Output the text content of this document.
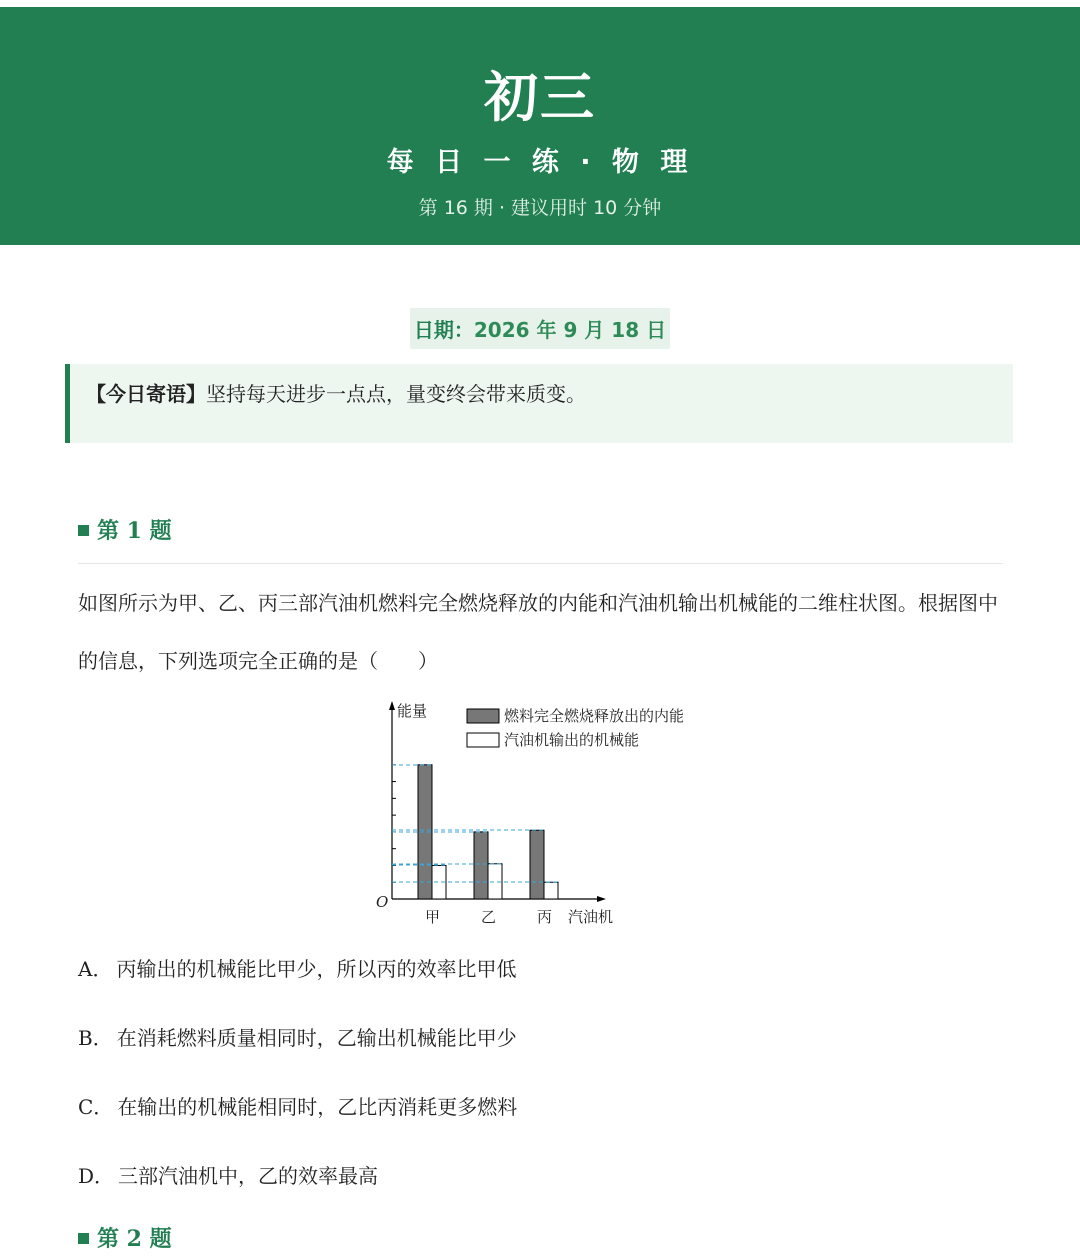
初三
每 日 一 练 · 物 理
第 16 期 · 建议用时 10 分钟
日期：2026 年 9 月 18 日
【今日寄语】坚持每天进步一点点，量变终会带来质变。
第 1 题
如图所示为甲、乙、丙三部汽油机燃料完全燃烧释放的内能和汽油机输出机械能的二维柱状图。根据图中的信息，下列选项完全正确的是（　　）
能量
O
汽油机
甲	乙	丙
燃料完全燃烧释放出的内能
汽油机输出的机械能
A． 丙输出的机械能比甲少，所以丙的效率比甲低
B． 在消耗燃料质量相同时，乙输出机械能比甲少
C． 在输出的机械能相同时，乙比丙消耗更多燃料
D． 三部汽油机中，乙的效率最高
第 2 题
